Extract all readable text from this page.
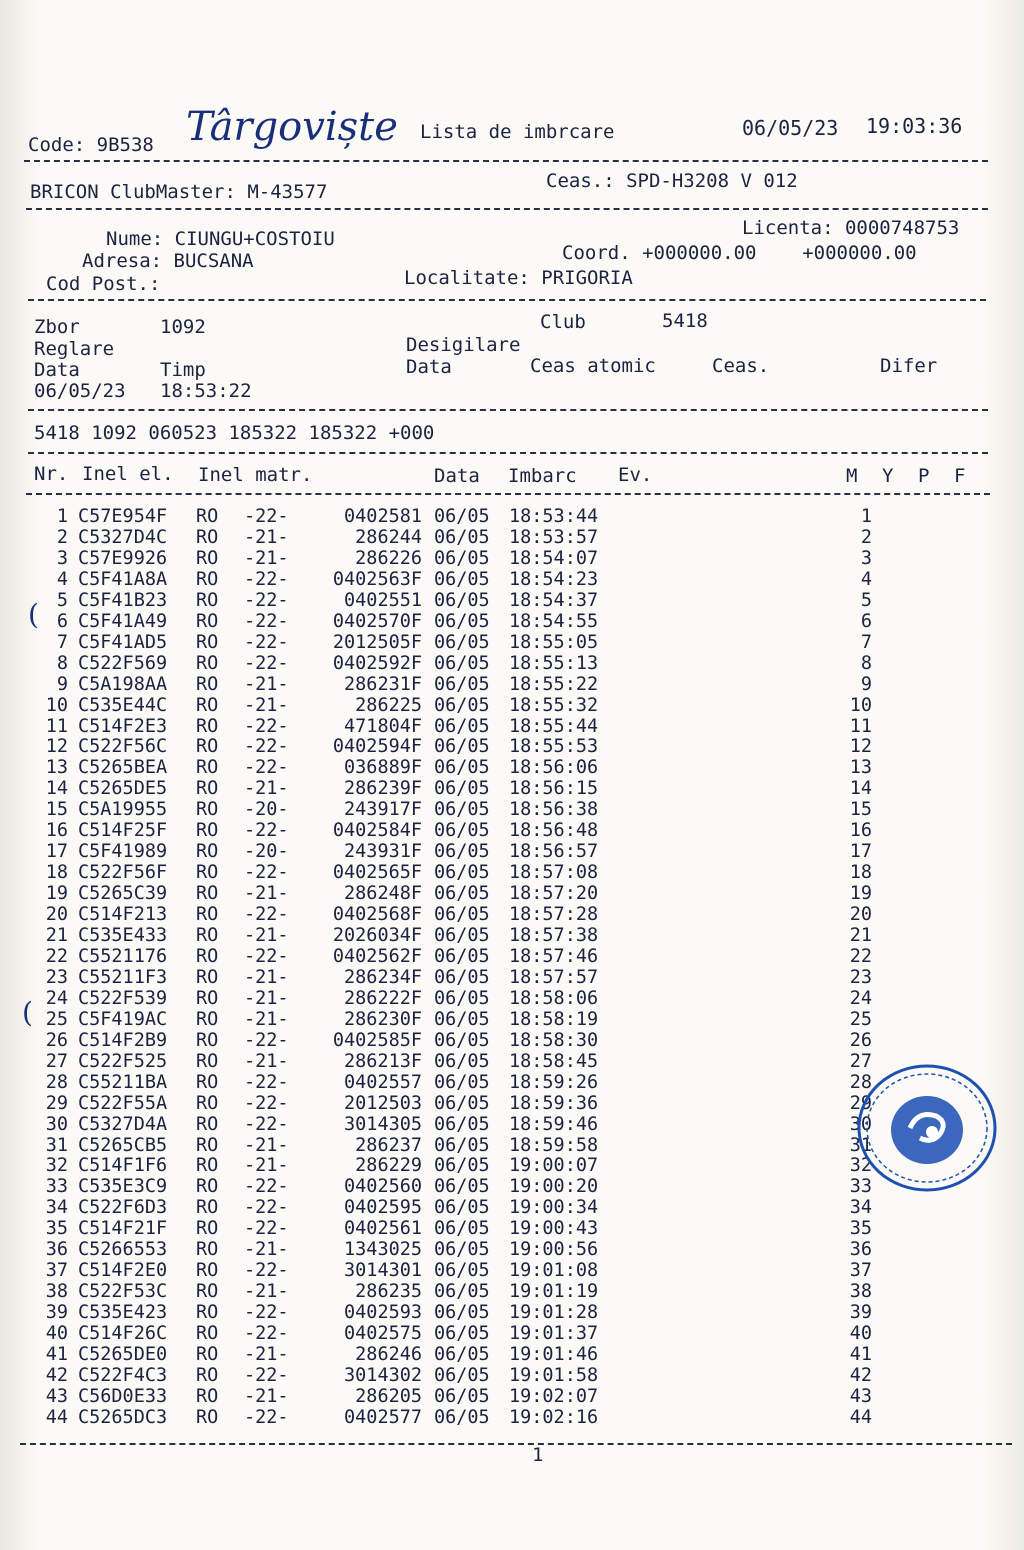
Code: 9B538 Târgoviște Lista de imbrcare	06/05/23 19:03:36
BRICON ClubMaster: M-43577	Ceas.: SPD-H3208 V 012
Licenta: 0000748753
Nume: CIUNGU+COSTOIU
Coord. +000000.00    +000000.00
Adresa: BUCSANA
Cod Post.:	Localitate: PRIGORIA
Zbor	1092	Club	5418
Reglare	Desigilare
Data	Timp	Data	Ceas atomic	Ceas.	Difer
06/05/23 18:53:22
5418 1092 060523 185322 185322 +000
Nr. Inel el. Inel matr.	Data Imbarc Ev.	M Y P F
1 C57E954F RO -22-	0402581 06/05 18:53:44	1
2 C5327D4C RO -21-	286244 06/05 18:53:57	2
3 C57E9926 RO -21-	286226 06/05 18:54:07	3
4 C5F41A8A RO -22-	0402563F 06/05 18:54:23	4
5 C5F41B23 RO -22-	0402551 06/05 18:54:37	5
6 C5F41A49 RO -22-	0402570F 06/05 18:54:55	6
7 C5F41AD5 RO -22-	2012505F 06/05 18:55:05	7
8 C522F569 RO -22-	0402592F 06/05 18:55:13	8
9 C5A198AA RO -21-	286231F 06/05 18:55:22	9
10 C535E44C RO -21-	286225 06/05 18:55:32	10
11 C514F2E3 RO -22-	471804F 06/05 18:55:44	11
12 C522F56C RO -22-	0402594F 06/05 18:55:53	12
13 C5265BEA RO -22-	036889F 06/05 18:56:06	13
14 C5265DE5 RO -21-	286239F 06/05 18:56:15	14
15 C5A19955 RO -20-	243917F 06/05 18:56:38	15
16 C514F25F RO -22-	0402584F 06/05 18:56:48	16
17 C5F41989 RO -20-	243931F 06/05 18:56:57	17
18 C522F56F RO -22-	0402565F 06/05 18:57:08	18
19 C5265C39 RO -21-	286248F 06/05 18:57:20	19
20 C514F213 RO -22-	0402568F 06/05 18:57:28	20
21 C535E433 RO -21-	2026034F 06/05 18:57:38	21
22 C5521176 RO -22-	0402562F 06/05 18:57:46	22
23 C55211F3 RO -21-	286234F 06/05 18:57:57	23
24 C522F539 RO -21-	286222F 06/05 18:58:06	24
25 C5F419AC RO -21-	286230F 06/05 18:58:19	25
26 C514F2B9 RO -22-	0402585F 06/05 18:58:30	26
27 C522F525 RO -21-	286213F 06/05 18:58:45	27
28 C55211BA RO -22-	0402557 06/05 18:59:26	28
29 C522F55A RO -22-	2012503 06/05 18:59:36	29
30 C5327D4A RO -22-	3014305 06/05 18:59:46	30
31 C5265CB5 RO -21-	286237 06/05 18:59:58	31
32 C514F1F6 RO -21-	286229 06/05 19:00:07	32
33 C535E3C9 RO -22-	0402560 06/05 19:00:20	33
34 C522F6D3 RO -22-	0402595 06/05 19:00:34	34
35 C514F21F RO -22-	0402561 06/05 19:00:43	35
36 C5266553 RO -21-	1343025 06/05 19:00:56	36
37 C514F2E0 RO -22-	3014301 06/05 19:01:08	37
38 C522F53C RO -21-	286235 06/05 19:01:19	38
39 C535E423 RO -22-	0402593 06/05 19:01:28	39
40 C514F26C RO -22-	0402575 06/05 19:01:37	40
41 C5265DE0 RO -21-	286246 06/05 19:01:46	41
42 C522F4C3 RO -22-	3014302 06/05 19:01:58	42
43 C56D0E33 RO -21-	286205 06/05 19:02:07	43
44 C5265DC3 RO -22-	0402577 06/05 19:02:16	44
(
(
1
